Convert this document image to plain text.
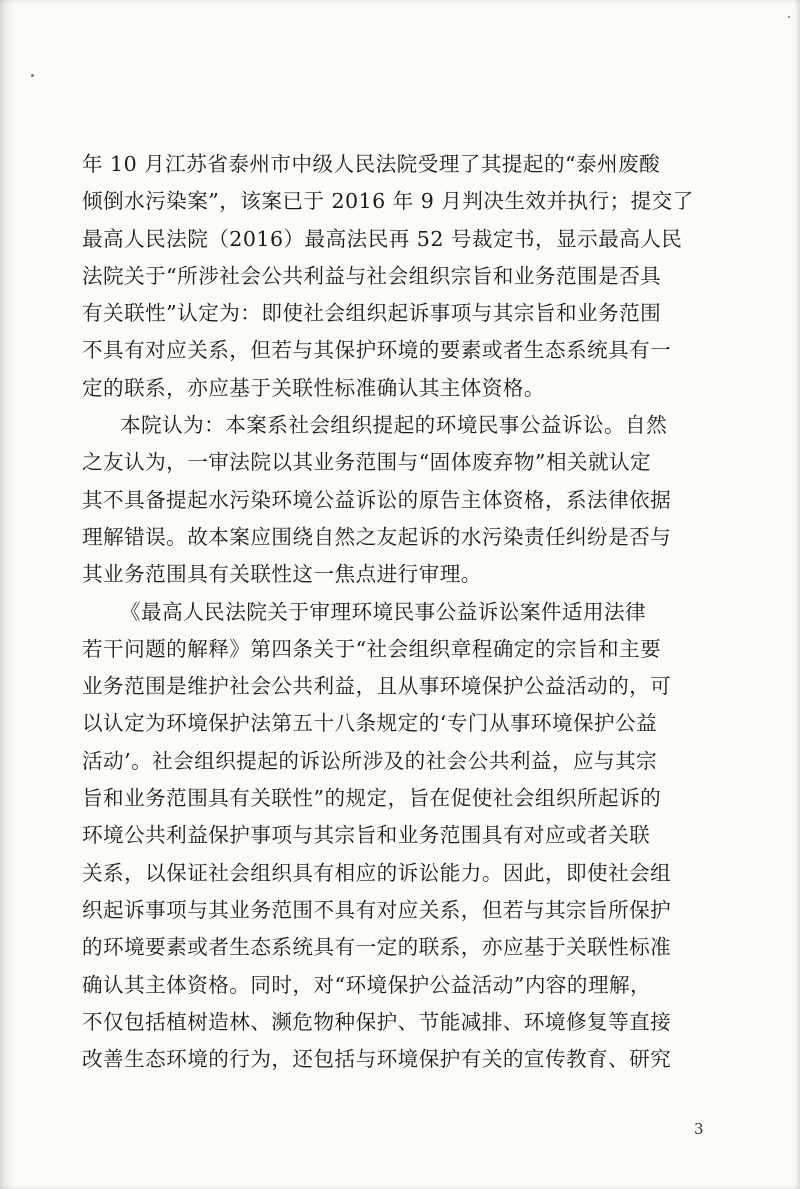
年 10 月江苏省泰州市中级人民法院受理了其提起的“泰州废酸
倾倒水污染案”，该案已于 2016 年 9 月判决生效并执行；提交了
最高人民法院（2016）最高法民再 52 号裁定书，显示最高人民
法院关于“所涉社会公共利益与社会组织宗旨和业务范围是否具
有关联性”认定为：即使社会组织起诉事项与其宗旨和业务范围
不具有对应关系，但若与其保护环境的要素或者生态系统具有一
定的联系，亦应基于关联性标准确认其主体资格。
本院认为：本案系社会组织提起的环境民事公益诉讼。自然
之友认为，一审法院以其业务范围与“固体废弃物”相关就认定
其不具备提起水污染环境公益诉讼的原告主体资格，系法律依据
理解错误。故本案应围绕自然之友起诉的水污染责任纠纷是否与
其业务范围具有关联性这一焦点进行审理。
《最高人民法院关于审理环境民事公益诉讼案件适用法律
若干问题的解释》第四条关于“社会组织章程确定的宗旨和主要
业务范围是维护社会公共利益，且从事环境保护公益活动的，可
以认定为环境保护法第五十八条规定的‘专门从事环境保护公益
活动’。社会组织提起的诉讼所涉及的社会公共利益，应与其宗
旨和业务范围具有关联性”的规定，旨在促使社会组织所起诉的
环境公共利益保护事项与其宗旨和业务范围具有对应或者关联
关系，以保证社会组织具有相应的诉讼能力。因此，即使社会组
织起诉事项与其业务范围不具有对应关系，但若与其宗旨所保护
的环境要素或者生态系统具有一定的联系，亦应基于关联性标准
确认其主体资格。同时，对“环境保护公益活动”内容的理解，
不仅包括植树造林、濒危物种保护、节能减排、环境修复等直接
改善生态环境的行为，还包括与环境保护有关的宣传教育、研究
3
